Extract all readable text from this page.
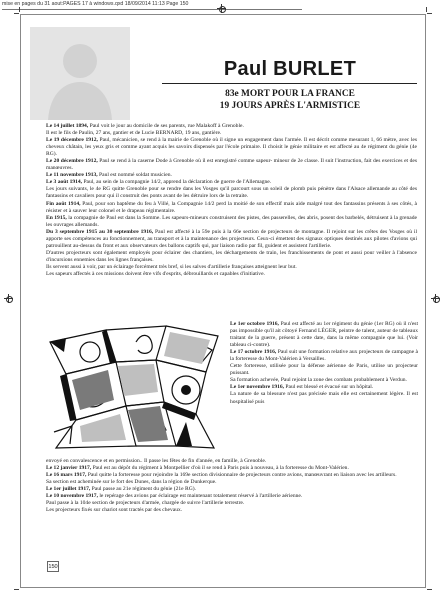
mise en pages du 31 aout:PAGES 17 à windows.qxd 18/09/2014 11:13 Page 150
Paul BURLET
83e MORT POUR LA FRANCE
19 JOURS APRÈS L'ARMISTICE

Le 14 juillet 1894, Paul voit le jour au domicile de ses parents, rue Malakoff à Grenoble.

Il est le fils de Paulin, 27 ans, gantier et de Lucie BERNARD, 19 ans, gantière.

Le 19 décembre 1912, Paul, mécanicien, se rend à la mairie de Grenoble où il signe un engagement dans l'armée. Il est décrit comme mesurant 1, 66 mètre, avec les cheveux châtain, les yeux gris et comme ayant acquis les savoirs dispensés par l'école primaire. Il choisit le génie militaire et est affecté au 4e régiment du génie (4e RG).

Le 20 décembre 1912, Paul se rend à la caserne Dode à Grenoble où il est enregistré comme sapeur- mineur de 2e classe. Il suit l'instruction, fait des exercices et des manœuvres.

Le 11 novembre 1913, Paul est nommé soldat musicien.

Le 3 août 1914, Paul, au sein de la compagnie 14/2, apprend la déclaration de guerre de l'Allemagne.

Les jours suivants, le 4e RG quitte Grenoble pour se rendre dans les Vosges qu'il parcourt sous un soleil de plomb puis pénètre dans l'Alsace allemande au côté des fantassins et cavaliers pour qui il construit des ponts avant de les détruire lors de la retraite.

Fin août 1914, Paul, pour son baptême du feu à Villé, la Compagnie 14/2 perd la moitié de son effectif mais aide malgré tout des fantassins présents à ses côtés, à résister et à sauver leur colonel et le drapeau régimentaire.

En 1915, la compagnie de Paul est dans la Somme. Les sapeurs-mineurs construisent des pistes, des passerelles, des abris, posent des barbelés, détruisent à la grenade les ouvrages allemands.

Du 3 septembre 1915 au 30 septembre 1916, Paul est affecté à la 59e puis à la 66e section de projecteurs de montagne. Il rejoint sur les crêtes des Vosges où il apporte ses compétences au fonctionnement, au transport et à la maintenance des projecteurs. Ceux-ci émettent des signaux optiques destinés aux pilotes d'avions qui patrouillent au-dessus du front et aux observateurs des ballons captifs qui, par liaison radio par fil, guident et assistent l'artillerie.

D'autres projecteurs sont également employés pour éclairer des chantiers, les déchargements de train, les franchissements de pont et aussi pour veiller à l'absence d'incursions ennemies dans les lignes françaises.

Ils servent aussi à voir, par un éclairage forcément très bref, si les salves d'artillerie françaises atteignent leur but.

Les sapeurs affectés à ces missions doivent être vifs d'esprits, débrouillards et capables d'initiative.

Le 1er octobre 1916, Paul est affecté au 1er régiment du génie (1er RG) où il n'est pas impossible qu'il ait côtoyé Fernand LÉGER, peintre de talent, auteur de tableaux traitant de la guerre, présent à cette date, dans la même compagnie que lui. (Voir tableau ci-contre).

Le 17 octobre 1916, Paul suit une formation relative aux projecteurs de campagne à la forteresse du Mont-Valérien à Versailles.

Cette forteresse, utilisée pour la défense aérienne de Paris, utilise un projecteur puissant.

Sa formation achevée, Paul rejoint la zone des combats probablement à Verdun.

Le 1er novembre 1916, Paul est blessé et évacué sur un hôpital.

La nature de sa blessure n'est pas précisée mais elle est certainement légère. Il est hospitalisé puis

envoyé en convalescence et en permission.. Il passe les fêtes de fin d'année, en famille, à Grenoble.

Le 12 janvier 1917, Paul est au dépôt du régiment à Montpellier d'où il se rend à Paris puis à nouveau, à la forteresse du Mont-Valérien.

Le 16 mars 1917, Paul quitte la forteresse pour rejoindre la 169e section divisionnaire de projecteurs contre avions, manœuvrant en liaison avec les artilleurs.

Sa section est acheminée sur le fort des Dunes, dans la région de Dunkerque.

Le 1er juillet 1917, Paul passe au 21e régiment du génie (21e RG).

Le 10 novembre 1917, le repérage des avions par éclairage est maintenant totalement réservé à l'artillerie aérienne.

Paul passe à la 104e section de projecteurs d'armée, chargée de suivre l'artillerie terrestre.

Les projecteurs fixés sur chariot sont tractés par des chevaux.

150
